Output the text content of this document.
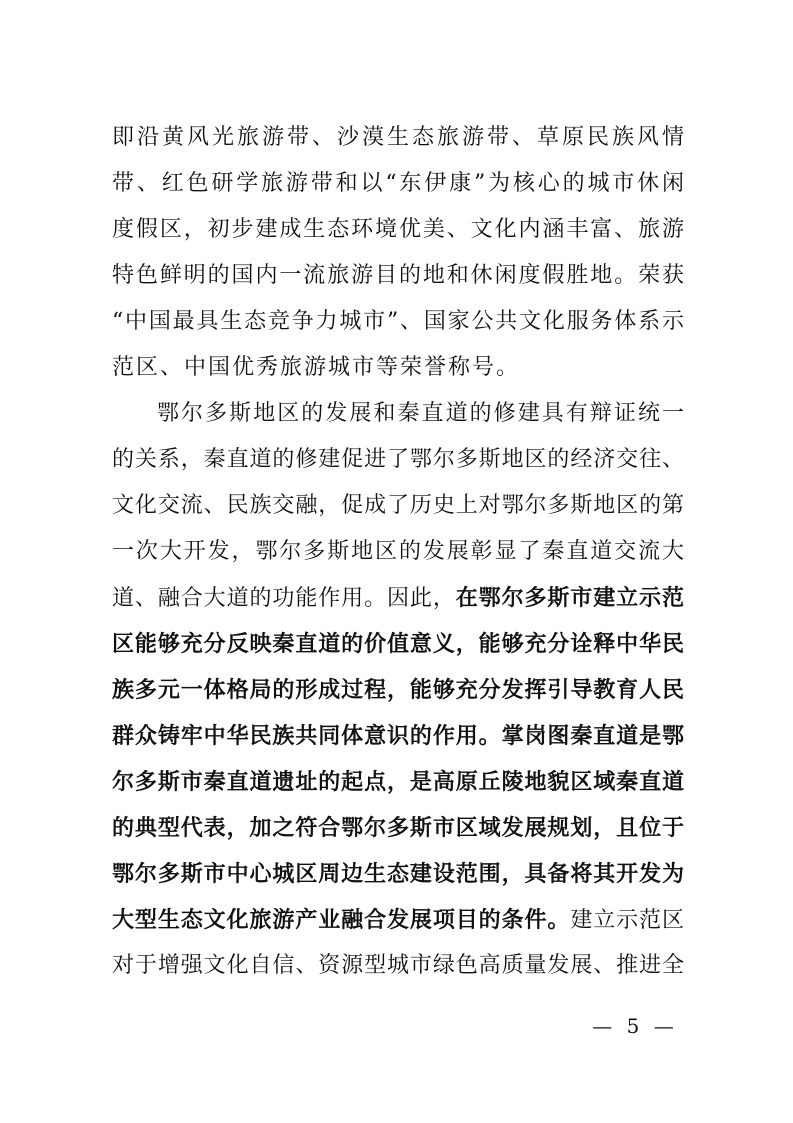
即沿黄风光旅游带、沙漠生态旅游带、草原民族风情
带、红色研学旅游带和以“东伊康”为核心的城市休闲
度假区，初步建成生态环境优美、文化内涵丰富、旅游
特色鲜明的国内一流旅游目的地和休闲度假胜地。荣获
“中国最具生态竞争力城市”、国家公共文化服务体系示
范区、中国优秀旅游城市等荣誉称号。
鄂尔多斯地区的发展和秦直道的修建具有辩证统一
的关系，秦直道的修建促进了鄂尔多斯地区的经济交往、
文化交流、民族交融，促成了历史上对鄂尔多斯地区的第
一次大开发，鄂尔多斯地区的发展彰显了秦直道交流大
道、融合大道的功能作用。因此，在鄂尔多斯市建立示范
区能够充分反映秦直道的价值意义，能够充分诠释中华民
族多元一体格局的形成过程，能够充分发挥引导教育人民
群众铸牢中华民族共同体意识的作用。掌岗图秦直道是鄂
尔多斯市秦直道遗址的起点，是高原丘陵地貌区域秦直道
的典型代表，加之符合鄂尔多斯市区域发展规划，且位于
鄂尔多斯市中心城区周边生态建设范围，具备将其开发为
大型生态文化旅游产业融合发展项目的条件。建立示范区
对于增强文化自信、资源型城市绿色高质量发展、推进全
— 5 —
